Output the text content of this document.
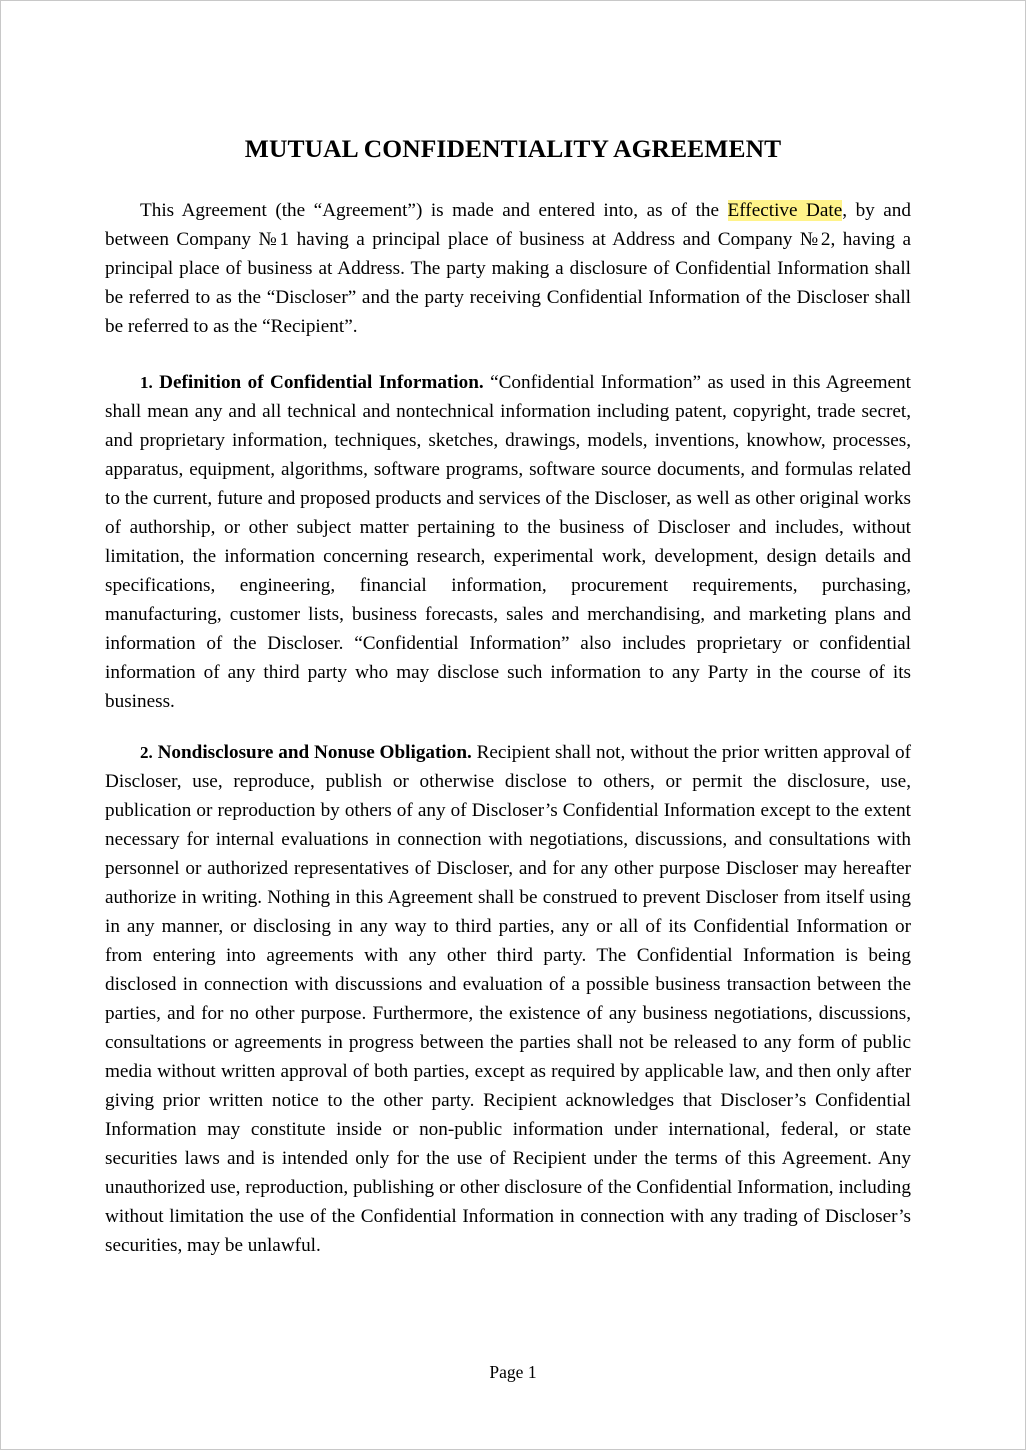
MUTUAL CONFIDENTIALITY AGREEMENT

This Agreement (the “Agreement”) is made and entered into, as of the Effective Date, by and between Company №1 having a principal place of business at Address and Company №2, having a principal place of business at Address. The party making a disclosure of Confidential Information shall be referred to as the “Discloser” and the party receiving Confidential Information of the Discloser shall be referred to as the “Recipient”.

1. Definition of Confidential Information. “Confidential Information” as used in this Agreement shall mean any and all technical and nontechnical information including patent, copyright, trade secret, and proprietary information, techniques, sketches, drawings, models, inventions, knowhow, processes, apparatus, equipment, algorithms, software programs, software source documents, and formulas related to the current, future and proposed products and services of the Discloser, as well as other original works of authorship, or other subject matter pertaining to the business of Discloser and includes, without limitation, the information concerning research, experimental work, development, design details and specifications, engineering, financial information, procurement requirements, purchasing, manufacturing, customer lists, business forecasts, sales and merchandising, and marketing plans and information of the Discloser. “Confidential Information” also includes proprietary or confidential information of any third party who may disclose such information to any Party in the course of its business.

2. Nondisclosure and Nonuse Obligation. Recipient shall not, without the prior written approval of Discloser, use, reproduce, publish or otherwise disclose to others, or permit the disclosure, use, publication or reproduction by others of any of Discloser’s Confidential Information except to the extent necessary for internal evaluations in connection with negotiations, discussions, and consultations with personnel or authorized representatives of Discloser, and for any other purpose Discloser may hereafter authorize in writing. Nothing in this Agreement shall be construed to prevent Discloser from itself using in any manner, or disclosing in any way to third parties, any or all of its Confidential Information or from entering into agreements with any other third party. The Confidential Information is being disclosed in connection with discussions and evaluation of a possible business transaction between the parties, and for no other purpose. Furthermore, the existence of any business negotiations, discussions, consultations or agreements in progress between the parties shall not be released to any form of public media without written approval of both parties, except as required by applicable law, and then only after giving prior written notice to the other party. Recipient acknowledges that Discloser’s Confidential Information may constitute inside or non-public information under international, federal, or state securities laws and is intended only for the use of Recipient under the terms of this Agreement. Any unauthorized use, reproduction, publishing or other disclosure of the Confidential Information, including without limitation the use of the Confidential Information in connection with any trading of Discloser’s securities, may be unlawful.

Page 1
